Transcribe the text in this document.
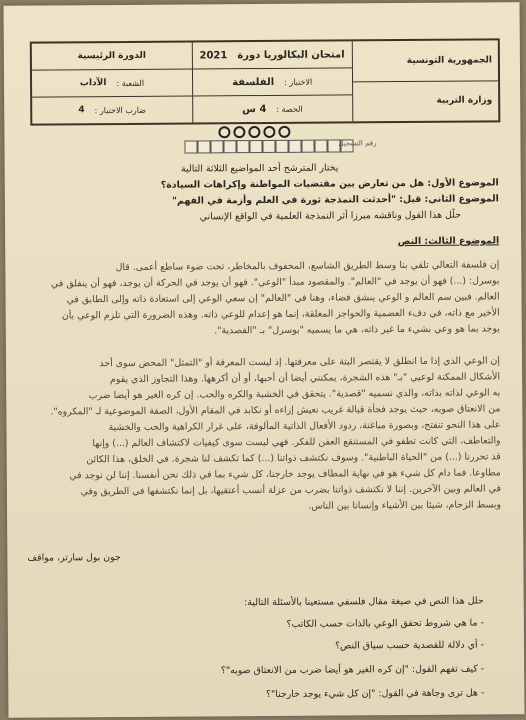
الجمهورية التونسية
وزارة التربية
امتحان البكالوريا دورة
2021
الاختبار :
الفلسفة
الحصة :
4 س
الدورة الرئيسية
الشعبة :
الآداب
ضارب الاختبار :
4
رقم التسجيل
يختار المترشح أحد المواضيع الثلاثة التالية
الموضوع الأول: هل من تعارض بين مقتضيات المواطنة وإكراهات السيادة؟
الموضوع الثاني: قيل: "أحدثت النمذجة ثورة في العلم وأزمة في الفهم"
حلّل هذا القول وناقشه مبرزا أثر النمذجة العلمية في الواقع الإنساني
الموضوع الثالث: النص
إن فلسفة التعالي تلقي بنا وسط الطريق الشاسع، المحفوف بالمخاطر، تحت ضوء ساطع أعمى. قال
بوسرل: (...) فهو أن يوجد في "العالم". والمقصود مبدأ "الوعي". فهو أن يوجد في الحركة أن يوجد، فهو أن ينفلق في
العالم. فبين سم العالم و الوعي ينشق فضاء، وهنا في "العالم" إن سعي الوعي إلى استعادة ذاته وإلى الطابق في
الأخير مع ذاته، في دفء العضمية والحواجز المغلقة، إنما هو إعدام للوعي ذاته. وهذه الضرورة التي تلزم الوعي بأن
يوجد بما هو وعي بشيء ما غير ذاته، هي ما يسميه "بوسرل" بـ "القصدية".
إن الوعي الذي إذا ما انطلق لا يقتصر البتة على معرفتها. إذ ليست المعرفة أو "التمثل" المحض سوى أحد
الأشكال الممكنة لوعيي "بـ" هذه الشجرة، يمكنني أيضا أن أحبها، أو أن أكرهها. وهذا التجاوز الذي يقوم
به الوعي لذاته بذاته، والذي نسميه "قصدية". يتحقق في الخشية والكره والحب. إن كره الغير هو أيضا ضرب
من الانعتاق صوبه، حيث يوجد فجأة قبالة غريب نعيش إزاءه أو نكابد في المقام الأول، الصفة الموضوعية لـ "المكروه".
على هذا النحو تنفتح، وبصورة مباغتة، ردود الأفعال الذاتية المألوفة، على غرار الكراهية والحب والخشية
والتعاطف، التي كانت تطفو في المستنقع العفن للفكر. فهي ليست سوى كيفيات لاكتشاف العالم (...) وإنها
قد تحررنا (...) من "الحياة الباطنية". وسوف نكتشف ذواتنا (...) كما تكشف لنا شجرة. في الخلق، هذا الكائن
مطاوعا. فما دام كل شيء هو في نهاية المطاف يوجد خارجنا، كل شيء بما في ذلك نحن أنفسنا. إننا لن نوجد في
في العالم وبين الآخرين. إننا لا نكتشف ذواتنا بضرب من عزلة أنسب أعتقيها، بل إنما نكتشفها في الطريق وفي
وبسط الزحام، شيئا بين الأشياء وإنسانا بين الناس.
جون بول سارتر، مواقف
حلل هذا النص في صيغة مقال فلسفي مستعينا بالأسئلة التالية:
- ما هي شروط تحقق الوعي بالذات حسب الكاتب؟
- أي دلالة للقصدية حسب سياق النص؟
- كيف تفهم القول: "إن كره الغير هو أيضا ضرب من الانعتاق صوبه"؟
- هل ترى وجاهة في القول: "إن كل شيء يوجد خارجنا"؟
